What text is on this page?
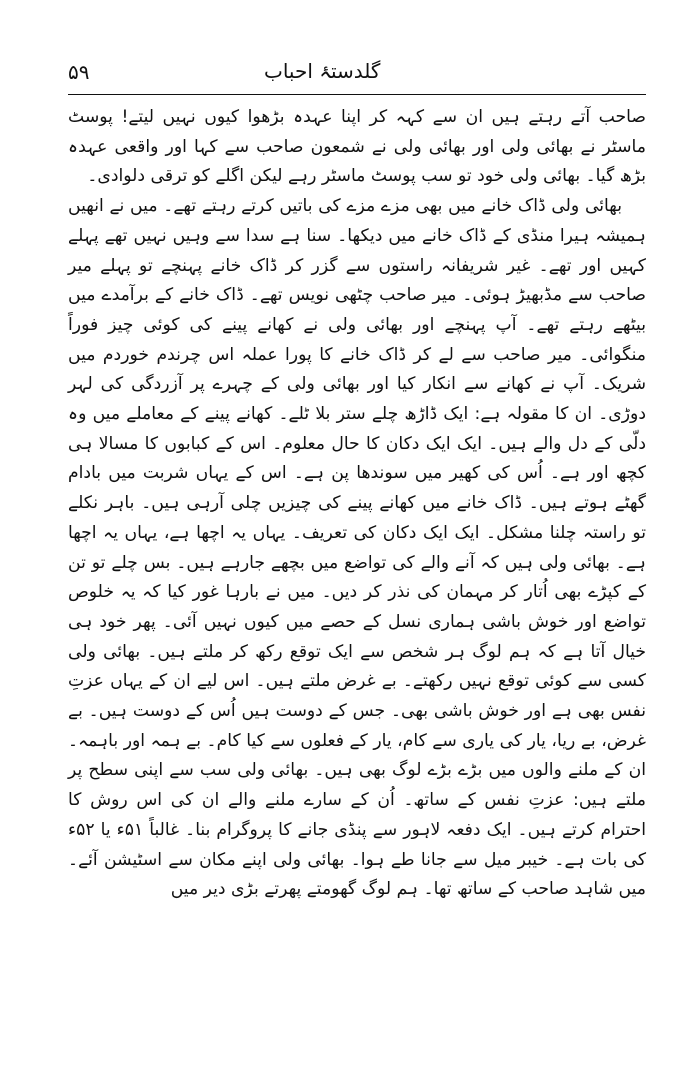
۵۹	گلدستۂ احباب

صاحب آتے رہتے ہیں ان سے کہہ کر اپنا عہدہ بڑھوا کیوں نہیں لیتے! پوسٹ ماسٹر نے بھائی ولی اور بھائی ولی نے شمعون صاحب سے کہا اور واقعی عہدہ بڑھ گیا۔ بھائی ولی خود تو سب پوسٹ ماسٹر رہے لیکن اگلے کو ترقی دلوادی۔

بھائی ولی ڈاک خانے میں بھی مزے مزے کی باتیں کرتے رہتے تھے۔ میں نے انھیں ہمیشہ ہیرا منڈی کے ڈاک خانے میں دیکھا۔ سنا ہے سدا سے وہیں نہیں تھے پہلے کہیں اور تھے۔ غیر شریفانہ راستوں سے گزر کر ڈاک خانے پہنچے تو پہلے میر صاحب سے مڈبھیڑ ہوئی۔ میر صاحب چٹھی نویس تھے۔ ڈاک خانے کے برآمدے میں بیٹھے رہتے تھے۔ آپ پہنچے اور بھائی ولی نے کھانے پینے کی کوئی چیز فوراً منگوائی۔ میر صاحب سے لے کر ڈاک خانے کا پورا عملہ اس چرندم خوردم میں شریک۔ آپ نے کھانے سے انکار کیا اور بھائی ولی کے چہرے پر آزردگی کی لہر دوڑی۔ ان کا مقولہ ہے: ایک ڈاڑھ چلے ستر بلا ٹلے۔ کھانے پینے کے معاملے میں وہ دلّی کے دل والے ہیں۔ ایک ایک دکان کا حال معلوم۔ اس کے کبابوں کا مسالا ہی کچھ اور ہے۔ اُس کی کھیر میں سوندھا پن ہے۔ اس کے یہاں شربت میں بادام گھٹے ہوتے ہیں۔ ڈاک خانے میں کھانے پینے کی چیزیں چلی آرہی ہیں۔ باہر نکلے تو راستہ چلنا مشکل۔ ایک ایک دکان کی تعریف۔ یہاں یہ اچھا ہے، یہاں یہ اچھا ہے۔ بھائی ولی ہیں کہ آنے والے کی تواضع میں بچھے جارہے ہیں۔ بس چلے تو تن کے کپڑے بھی اُتار کر مہمان کی نذر کر دیں۔ میں نے بارہا غور کیا کہ یہ خلوص تواضع اور خوش باشی ہماری نسل کے حصے میں کیوں نہیں آئی۔ پھر خود ہی خیال آتا ہے کہ ہم لوگ ہر شخص سے ایک توقع رکھ کر ملتے ہیں۔ بھائی ولی کسی سے کوئی توقع نہیں رکھتے۔ بے غرض ملتے ہیں۔ اس لیے ان کے یہاں عزتِ نفس بھی ہے اور خوش باشی بھی۔ جس کے دوست ہیں اُس کے دوست ہیں۔ بے غرض، بے ریا، یار کی یاری سے کام، یار کے فعلوں سے کیا کام۔ بے ہمہ اور باہمہ۔ ان کے ملنے والوں میں بڑے بڑے لوگ بھی ہیں۔ بھائی ولی سب سے اپنی سطح پر ملتے ہیں: عزتِ نفس کے ساتھ۔ اُن کے سارے ملنے والے ان کی اس روش کا احترام کرتے ہیں۔ ایک دفعہ لاہور سے پنڈی جانے کا پروگرام بنا۔ غالباً ۵۱ء یا ۵۲ء کی بات ہے۔ خیبر میل سے جانا طے ہوا۔ بھائی ولی اپنے مکان سے اسٹیشن آئے۔ میں شاہد صاحب کے ساتھ تھا۔ ہم لوگ گھومتے پھرتے بڑی دیر میں
